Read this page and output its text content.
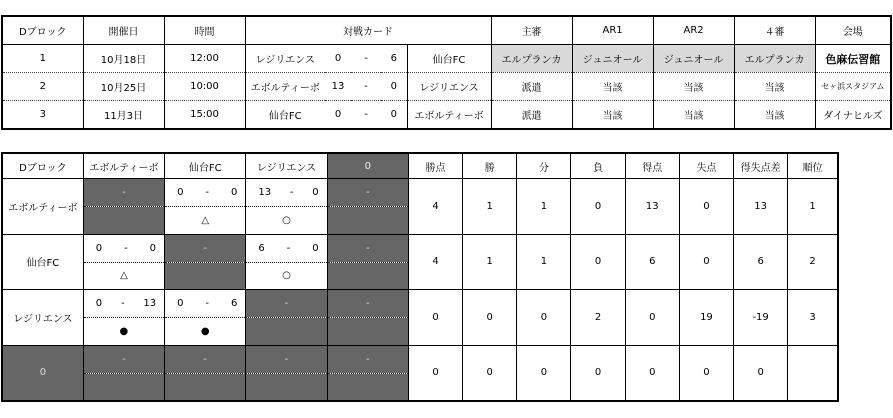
Dブロック	開催日	時間	対戦カード					主審	AR1	AR2	４審	会場
1	10月18日	12:00	レジリエンス	0	-	6	仙台FC	エルプランカ	ジュニオール	ジュニオール	エルプランカ	色麻伝習館
2	10月25日	10:00	エボルティーボ	13	-	0	レジリエンス	派遣	当該	当該	当該	セヶ浜スタジアム
3	11月3日	15:00	仙台FC	0	-	0	エボルティーボ	派遣	当該	当該	当該	ダイナヒルズ
Dブロック	エボルティーボ	仙台FC	レジリエンス	0	勝点	勝	分	負	得点	失点	得失点差	順位
エボルティーボ	-	0 - 0	13 - 0	-	4	1	1	0	13	0	13	1
		△	○									
仙台FC	0 - 0	-	6 - 0	-	4	1	1	0	6	0	6	2
	△		○									
レジリエンス	0 - 13	0 - 6	-	-	0	0	0	2	0	19	-19	3
	●	●										
0	-	-	-	-	0	0	0	0	0	0	0	
